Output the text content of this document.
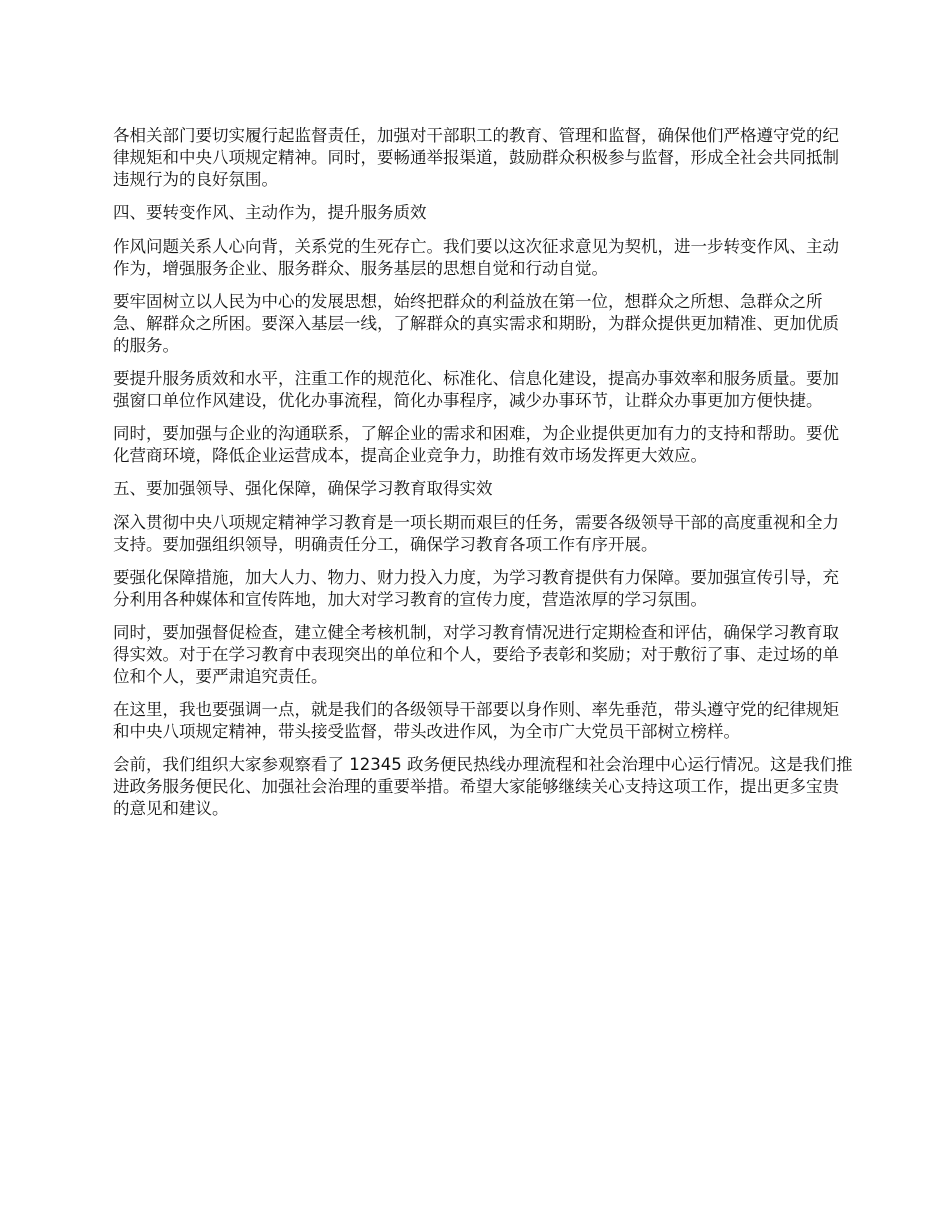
各相关部门要切实履行起监督责任，加强对干部职工的教育、管理和监督，确保他们严格遵守党的纪律规矩和中央八项规定精神。同时，要畅通举报渠道，鼓励群众积极参与监督，形成全社会共同抵制违规行为的良好氛围。

四、要转变作风、主动作为，提升服务质效

作风问题关系人心向背，关系党的生死存亡。我们要以这次征求意见为契机，进一步转变作风、主动作为，增强服务企业、服务群众、服务基层的思想自觉和行动自觉。

要牢固树立以人民为中心的发展思想，始终把群众的利益放在第一位，想群众之所想、急群众之所急、解群众之所困。要深入基层一线，了解群众的真实需求和期盼，为群众提供更加精准、更加优质的服务。

要提升服务质效和水平，注重工作的规范化、标准化、信息化建设，提高办事效率和服务质量。要加强窗口单位作风建设，优化办事流程，简化办事程序，减少办事环节，让群众办事更加方便快捷。

同时，要加强与企业的沟通联系，了解企业的需求和困难，为企业提供更加有力的支持和帮助。要优化营商环境，降低企业运营成本，提高企业竞争力，助推有效市场发挥更大效应。

五、要加强领导、强化保障，确保学习教育取得实效

深入贯彻中央八项规定精神学习教育是一项长期而艰巨的任务，需要各级领导干部的高度重视和全力支持。要加强组织领导，明确责任分工，确保学习教育各项工作有序开展。

要强化保障措施，加大人力、物力、财力投入力度，为学习教育提供有力保障。要加强宣传引导，充分利用各种媒体和宣传阵地，加大对学习教育的宣传力度，营造浓厚的学习氛围。

同时，要加强督促检查，建立健全考核机制，对学习教育情况进行定期检查和评估，确保学习教育取得实效。对于在学习教育中表现突出的单位和个人，要给予表彰和奖励；对于敷衍了事、走过场的单位和个人，要严肃追究责任。

在这里，我也要强调一点，就是我们的各级领导干部要以身作则、率先垂范，带头遵守党的纪律规矩和中央八项规定精神，带头接受监督，带头改进作风，为全市广大党员干部树立榜样。

会前，我们组织大家参观察看了 12345 政务便民热线办理流程和社会治理中心运行情况。这是我们推进政务服务便民化、加强社会治理的重要举措。希望大家能够继续关心支持这项工作，提出更多宝贵的意见和建议。
